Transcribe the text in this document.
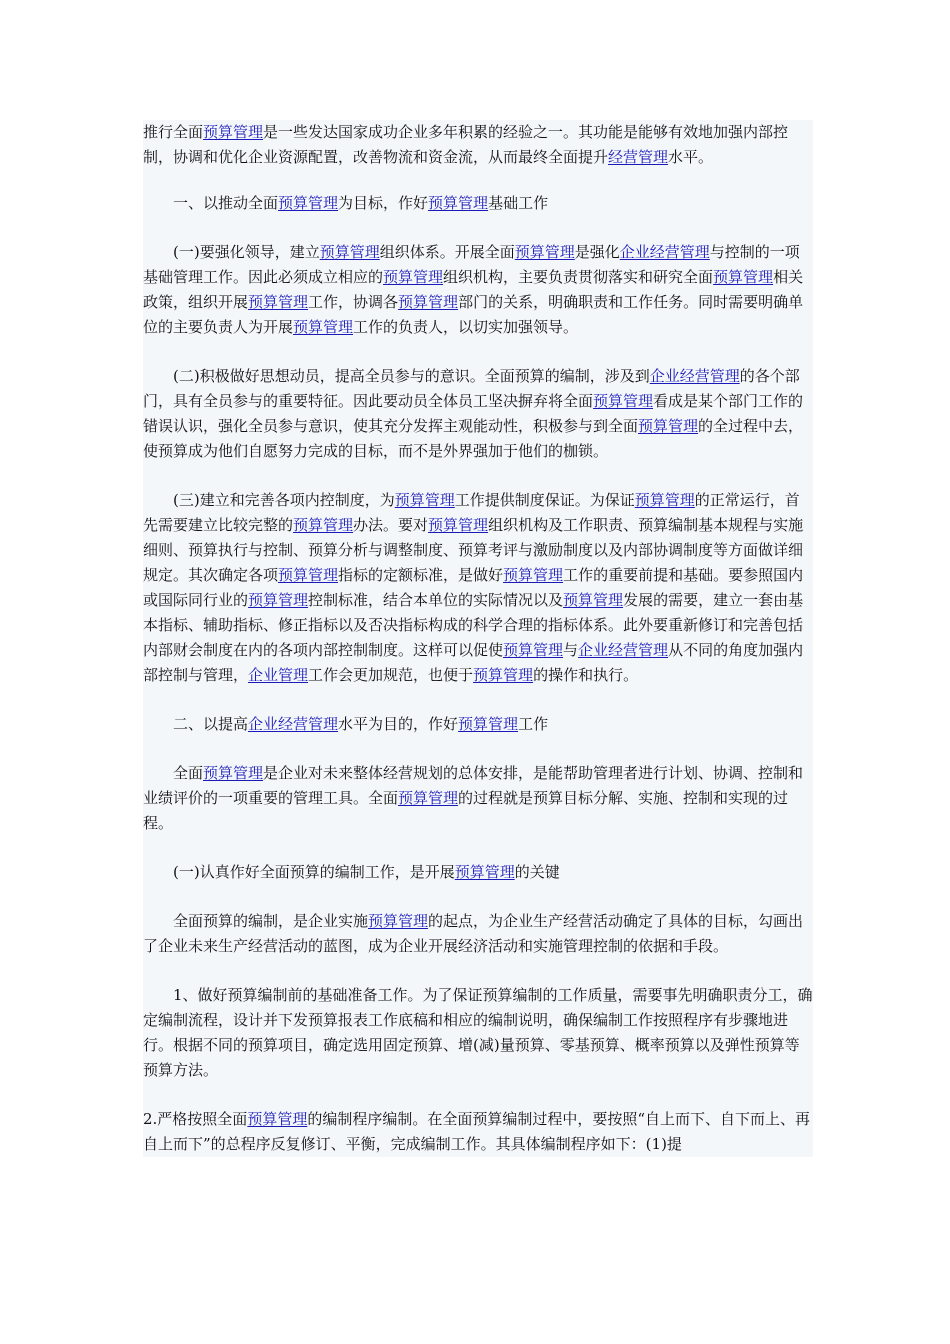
推行全面预算管理是一些发达国家成功企业多年积累的经验之一。其功能是能够有效地加强内部控制，协调和优化企业资源配置，改善物流和资金流，从而最终全面提升经营管理水平。
一、以推动全面预算管理为目标，作好预算管理基础工作
(一)要强化领导，建立预算管理组织体系。开展全面预算管理是强化企业经营管理与控制的一项基础管理工作。因此必须成立相应的预算管理组织机构，主要负责贯彻落实和研究全面预算管理相关政策，组织开展预算管理工作，协调各预算管理部门的关系，明确职责和工作任务。同时需要明确单位的主要负责人为开展预算管理工作的负责人，以切实加强领导。
(二)积极做好思想动员，提高全员参与的意识。全面预算的编制，涉及到企业经营管理的各个部门，具有全员参与的重要特征。因此要动员全体员工坚决摒弃将全面预算管理看成是某个部门工作的错误认识，强化全员参与意识，使其充分发挥主观能动性，积极参与到全面预算管理的全过程中去，使预算成为他们自愿努力完成的目标，而不是外界强加于他们的枷锁。
(三)建立和完善各项内控制度，为预算管理工作提供制度保证。为保证预算管理的正常运行，首先需要建立比较完整的预算管理办法。要对预算管理组织机构及工作职责、预算编制基本规程与实施细则、预算执行与控制、预算分析与调整制度、预算考评与激励制度以及内部协调制度等方面做详细规定。其次确定各项预算管理指标的定额标准，是做好预算管理工作的重要前提和基础。要参照国内或国际同行业的预算管理控制标准，结合本单位的实际情况以及预算管理发展的需要，建立一套由基本指标、辅助指标、修正指标以及否决指标构成的科学合理的指标体系。此外要重新修订和完善包括内部财会制度在内的各项内部控制制度。这样可以促使预算管理与企业经营管理从不同的角度加强内部控制与管理，企业管理工作会更加规范，也便于预算管理的操作和执行。
二、以提高企业经营管理水平为目的，作好预算管理工作
全面预算管理是企业对未来整体经营规划的总体安排，是能帮助管理者进行计划、协调、控制和业绩评价的一项重要的管理工具。全面预算管理的过程就是预算目标分解、实施、控制和实现的过程。
(一)认真作好全面预算的编制工作，是开展预算管理的关键
全面预算的编制，是企业实施预算管理的起点，为企业生产经营活动确定了具体的目标，勾画出了企业未来生产经营活动的蓝图，成为企业开展经济活动和实施管理控制的依据和手段。
1、做好预算编制前的基础准备工作。为了保证预算编制的工作质量，需要事先明确职责分工，确定编制流程，设计并下发预算报表工作底稿和相应的编制说明，确保编制工作按照程序有步骤地进行。根据不同的预算项目，确定选用固定预算、增(减)量预算、零基预算、概率预算以及弹性预算等预算方法。
2.严格按照全面预算管理的编制程序编制。在全面预算编制过程中，要按照“自上而下、自下而上、再自上而下”的总程序反复修订、平衡，完成编制工作。其具体编制程序如下：(1)提
